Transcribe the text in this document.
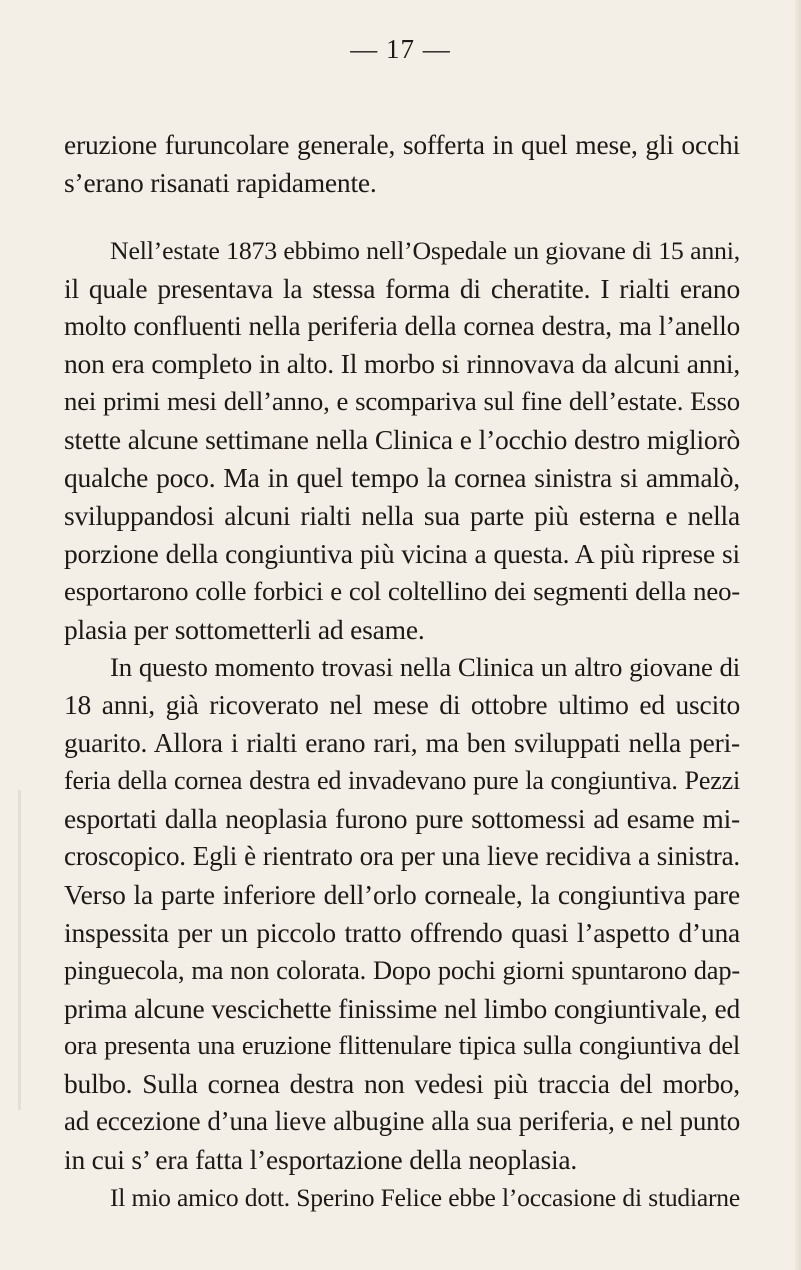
— 17 —
eruzione furuncolare generale, sofferta in quel mese, gli occhi
s’erano risanati rapidamente.
Nell’estate 1873 ebbimo nell’Ospedale un giovane di 15 anni,
il quale presentava la stessa forma di cheratite. I rialti erano
molto confluenti nella periferia della cornea destra, ma l’anello
non era completo in alto. Il morbo si rinnovava da alcuni anni,
nei primi mesi dell’anno, e scompariva sul fine dell’estate. Esso
stette alcune settimane nella Clinica e l’occhio destro migliorò
qualche poco. Ma in quel tempo la cornea sinistra si ammalò,
sviluppandosi alcuni rialti nella sua parte più esterna e nella
porzione della congiuntiva più vicina a questa. A più riprese si
esportarono colle forbici e col coltellino dei segmenti della neo-
plasia per sottometterli ad esame.
In questo momento trovasi nella Clinica un altro giovane di
18 anni, già ricoverato nel mese di ottobre ultimo ed uscito
guarito. Allora i rialti erano rari, ma ben sviluppati nella peri-
feria della cornea destra ed invadevano pure la congiuntiva. Pezzi
esportati dalla neoplasia furono pure sottomessi ad esame mi-
croscopico. Egli è rientrato ora per una lieve recidiva a sinistra.
Verso la parte inferiore dell’orlo corneale, la congiuntiva pare
inspessita per un piccolo tratto offrendo quasi l’aspetto d’una
pinguecola, ma non colorata. Dopo pochi giorni spuntarono dap-
prima alcune vescichette finissime nel limbo congiuntivale, ed
ora presenta una eruzione flittenulare tipica sulla congiuntiva del
bulbo. Sulla cornea destra non vedesi più traccia del morbo,
ad eccezione d’una lieve albugine alla sua periferia, e nel punto
in cui s’ era fatta l’esportazione della neoplasia.
Il mio amico dott. Sperino Felice ebbe l’occasione di studiarne
